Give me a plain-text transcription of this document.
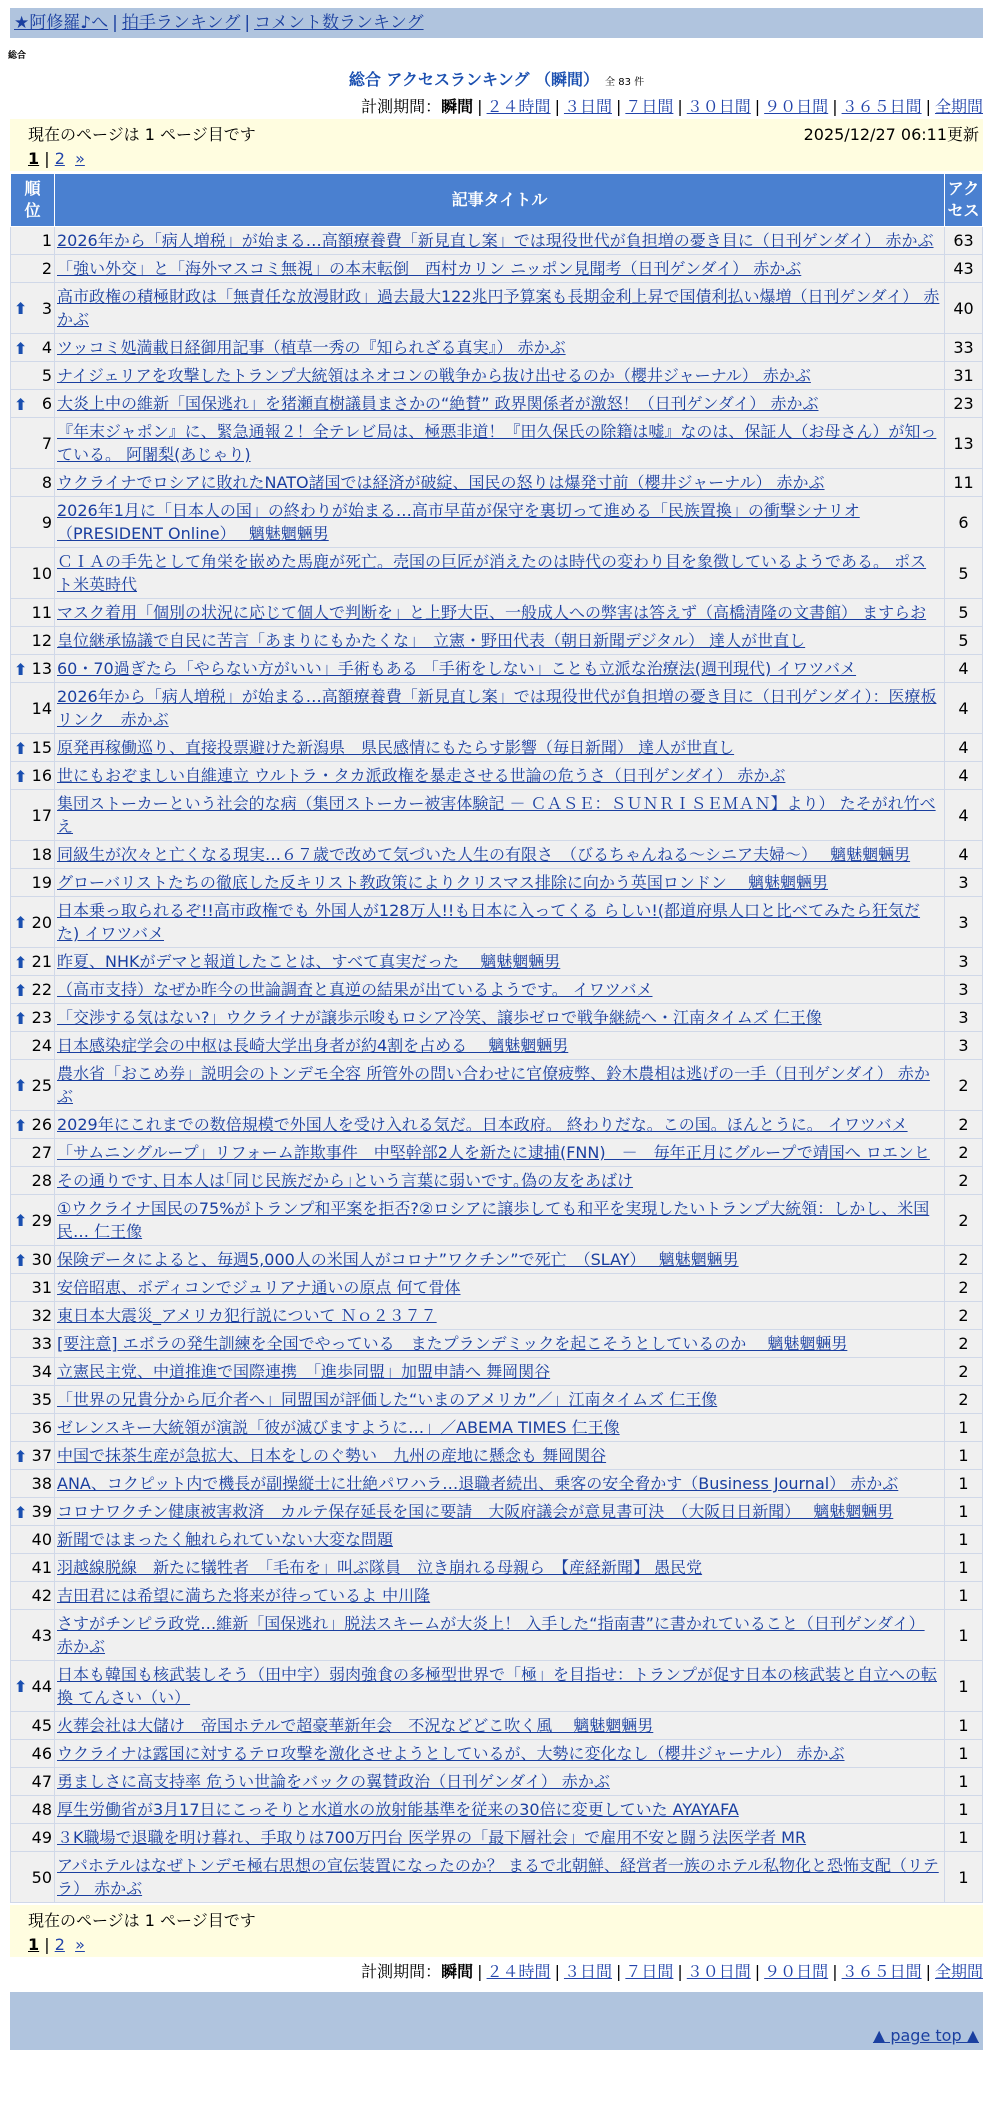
★阿修羅♪へ | 拍手ランキング | コメント数ランキング
総合
総合 アクセスランキング （瞬間） 全 83 件
計測期間：瞬間 | ２４時間 | ３日間 | ７日間 | ３０日間 | ９０日間 | ３６５日間 | 全期間
現在のページは 1 ページ目です	2025/12/27 06:11更新
1 | 2 »
順位	記事タイトル	アクセス
1	2026年から「病人増税」が始まる…高額療養費「新見直し案」では現役世代が負担増の憂き目に（日刊ゲンダイ） 赤かぶ	63
2	「強い外交」と「海外マスコミ無視」の本末転倒　西村カリン ニッポン見聞考（日刊ゲンダイ） 赤かぶ	43

⬆ 3	高市政権の積極財政は「無責任な放漫財政」過去最大122兆円予算案も長期金利上昇で国債利払い爆増（日刊ゲンダイ） 赤かぶ	40

⬆ 4	ツッコミ処満載日経御用記事（植草一秀の『知られざる真実』） 赤かぶ	33
5	ナイジェリアを攻撃したトランプ大統領はネオコンの戦争から抜け出せるのか（櫻井ジャーナル） 赤かぶ	31

⬆ 6	大炎上中の維新「国保逃れ」を猪瀬直樹議員まさかの“絶賛” 政界関係者が激怒！（日刊ゲンダイ） 赤かぶ	23
7	『年末ジャポン』に、緊急通報２！全テレビ局は、極悪非道！『田久保氏の除籍は嘘』なのは、保証人（お母さん）が知っている。 阿闍梨(あじゃり)	13
8	ウクライナでロシアに敗れたNATO諸国では経済が破綻、国民の怒りは爆発寸前（櫻井ジャーナル） 赤かぶ	11
9	2026年1月に「日本人の国」の終わりが始まる…高市早苗が保守を裏切って進める「民族置換」の衝撃シナリオ （PRESIDENT Online）　 魑魅魍魎男	6
10	ＣＩＡの手先として角栄を嵌めた馬鹿が死亡。売国の巨匠が消えたのは時代の変わり目を象徴しているようである。 ポスト米英時代	5
11	マスク着用「個別の状況に応じて個人で判断を」と上野大臣、一般成人への弊害は答えず（高橋清隆の文書館） ますらお	5
12	皇位継承協議で自民に苦言「あまりにもかたくな」　立憲・野田代表（朝日新聞デジタル） 達人が世直し	5

⬆ 13	60・70過ぎたら「やらない方がいい」手術もある 「手術をしない」ことも立派な治療法(週刊現代) イワツバメ	4
14	2026年から「病人増税」が始まる…高額療養費「新見直し案」では現役世代が負担増の憂き目に（日刊ゲンダイ）：医療板リンク　赤かぶ	4

⬆ 15	原発再稼働巡り、直接投票避けた新潟県　県民感情にもたらす影響（毎日新聞） 達人が世直し	4

⬆ 16	世にもおぞましい自維連立 ウルトラ・タカ派政権を暴走させる世論の危うさ（日刊ゲンダイ） 赤かぶ	4
17	集団ストーカーという社会的な病（集団ストーカー被害体験記 － ＣＡＳＥ：ＳＵＮＲＩＳＥＭＡＮ】より） たそがれ竹べえ	4
18	同級生が次々と亡くなる現実…６７歳で改めて気づいた人生の有限さ　（びるちゃんねる〜シニア夫婦〜）　 魑魅魍魎男	4
19	グローバリストたちの徹底した反キリスト教政策によりクリスマス排除に向かう英国ロンドン　 魑魅魍魎男	3

⬆ 20	日本乗っ取られるぞ!!高市政権でも 外国人が128万人!!も日本に入ってくる らしい!(都道府県人口と比べてみたら狂気だた) イワツバメ	3

⬆ 21	昨夏、NHKがデマと報道したことは、すべて真実だった　 魑魅魍魎男	3

⬆ 22	（高市支持）なぜか昨今の世論調査と真逆の結果が出ているようです。 イワツバメ	3

⬆ 23	「交渉する気はない?」ウクライナが譲歩示唆もロシア冷笑、譲歩ゼロで戦争継続へ・江南タイムズ 仁王像	3
24	日本感染症学会の中枢は長崎大学出身者が約4割を占める　 魑魅魍魎男	3

⬆ 25	農水省「おこめ券」説明会のトンデモ全容 所管外の問い合わせに官僚疲弊、鈴木農相は逃げの一手（日刊ゲンダイ） 赤かぶ	2

⬆ 26	2029年にこれまでの数倍規模で外国人を受け入れる気だ。日本政府。 終わりだな。この国。ほんとうに。 イワツバメ	2
27	「サムニングループ」リフォーム詐欺事件　中堅幹部2人を新たに逮捕(FNN)　－　毎年正月にグループで靖国へ ロエンヒ	2
28	その通りです､日本人は｢同じ民族だから｣という言葉に弱いです｡偽の友をあばけ	2

⬆ 29	①ウクライナ国民の75%がトランプ和平案を拒否?②ロシアに譲歩しても和平を実現したいトランプ大統領：しかし、米国民… 仁王像	2

⬆ 30	保険データによると、毎週5,000人の米国人がコロナ”ワクチン”で死亡　（SLAY）　 魑魅魍魎男	2
31	安倍昭恵、ボディコンでジュリアナ通いの原点 何て骨体	2
32	東日本大震災_アメリカ犯行説について Ｎｏ２３７７	2
33	[要注意] エボラの発生訓練を全国でやっている　またプランデミックを起こそうとしているのか　 魑魅魍魎男	2
34	立憲民主党、中道推進で国際連携　「進歩同盟」加盟申請へ 舞岡関谷	2
35	「世界の兄貴分から厄介者へ」同盟国が評価した“いまのアメリカ”／」江南タイムズ 仁王像	2
36	ゼレンスキー大統領が演説「彼が滅びますように…」／ABEMA TIMES 仁王像	1

⬆ 37	中国で抹茶生産が急拡大、日本をしのぐ勢い　九州の産地に懸念も 舞岡関谷	1
38	ANA、コクピット内で機長が副操縦士に壮絶パワハラ…退職者続出、乗客の安全脅かす（Business Journal） 赤かぶ	1

⬆ 39	コロナワクチン健康被害救済　カルテ保存延長を国に要請　大阪府議会が意見書可決　（大阪日日新聞）　 魑魅魍魎男	1
40	新聞ではまったく触れられていない大変な問題	1
41	羽越線脱線　新たに犠牲者　「毛布を」叫ぶ隊員　泣き崩れる母親ら　【産経新聞】 愚民党	1
42	吉田君には希望に満ちた将来が待っているよ 中川隆	1
43	さすがチンピラ政党…維新「国保逃れ」脱法スキームが大炎上！ 入手した“指南書”に書かれていること（日刊ゲンダイ） 赤かぶ	1

⬆ 44	日本も韓国も核武装しそう（田中宇）弱肉強食の多極型世界で「極」を目指せ：トランプが促す日本の核武装と自立への転換 てんさい（い）	1
45	火葬会社は大儲け　帝国ホテルで超豪華新年会　不況などどこ吹く風　 魑魅魍魎男	1
46	ウクライナは露国に対するテロ攻撃を激化させようとしているが、大勢に変化なし（櫻井ジャーナル） 赤かぶ	1
47	勇ましさに高支持率 危うい世論をバックの翼賛政治（日刊ゲンダイ） 赤かぶ	1
48	厚生労働省が3月17日にこっそりと水道水の放射能基準を従来の30倍に変更していた AYAYAFA	1
49	３K職場で退職を明け暮れ、手取りは700万円台 医学界の「最下層社会」で雇用不安と闘う法医学者 MR	1
50	アパホテルはなぜトンデモ極右思想の宣伝装置になったのか？ まるで北朝鮮、経営者一族のホテル私物化と恐怖支配（リテラ） 赤かぶ	1
現在のページは 1 ページ目です
1 | 2 »
計測期間：瞬間 | ２４時間 | ３日間 | ７日間 | ３０日間 | ９０日間 | ３６５日間 | 全期間
▲ page top ▲
